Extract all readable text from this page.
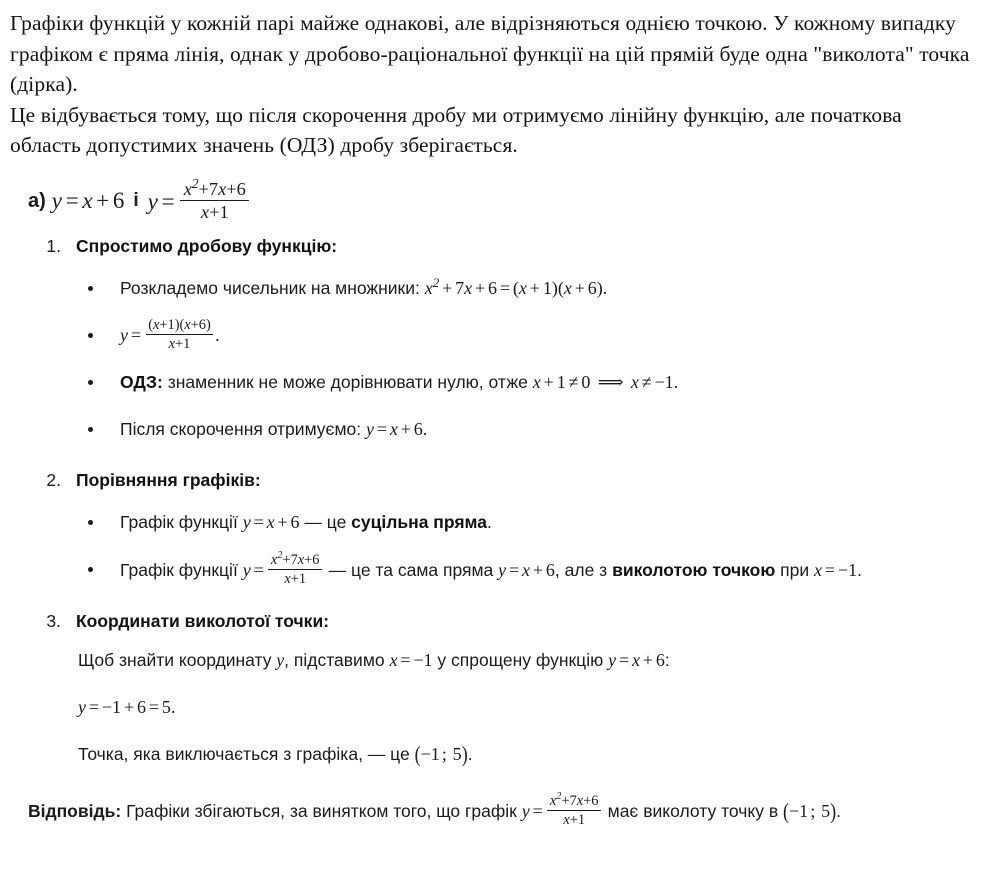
Графіки функцій у кожній парі майже однакові, але відрізняються однією точкою. У кожному випадку графіком є пряма лінія, однак у дробово-раціональної функції на цій прямій буде одна "виколота" точка (дірка).

Це відбувається тому, що після скорочення дробу ми отримуємо лінійну функцію, але початкова область допустимих значень (ОДЗ) дробу зберігається.

a) y = x + 6 і $y = \frac{x^2+7x+6}{x+1}$
1. Спростимо дробову функцію:
Розкладемо чисельник на множники: $x^2 + 7x + 6 = (x + 1)(x + 6)$.
$y = \frac{(x+1)(x+6)}{x+1}$ .
ОДЗ: знаменник не може дорівнювати нулю, отже x + 1 ≠ 0 ⟹ x ≠ −1.
Після скорочення отримуємо: y = x + 6.
2. Порівняння графіків:
Графік функції y = x + 6 — це суцільна пряма.
Графік функції $y = \frac{x^2+7x+6}{x+1}$ — це та сама пряма y = x + 6, але з виколотою точкою при x = −1.
3. Координати виколотої точки:
Щоб знайти координату y, підставимо x = −1 у спрощену функцію y = x + 6:
y = −1 + 6 = 5.
Точка, яка виключається з графіка, — це (−1 ; 5).
Відповідь: Графіки збігаються, за винятком того, що графік $y = \frac{x^2+7x+6}{x+1}$ має виколоту точку в (−1 ; 5).
